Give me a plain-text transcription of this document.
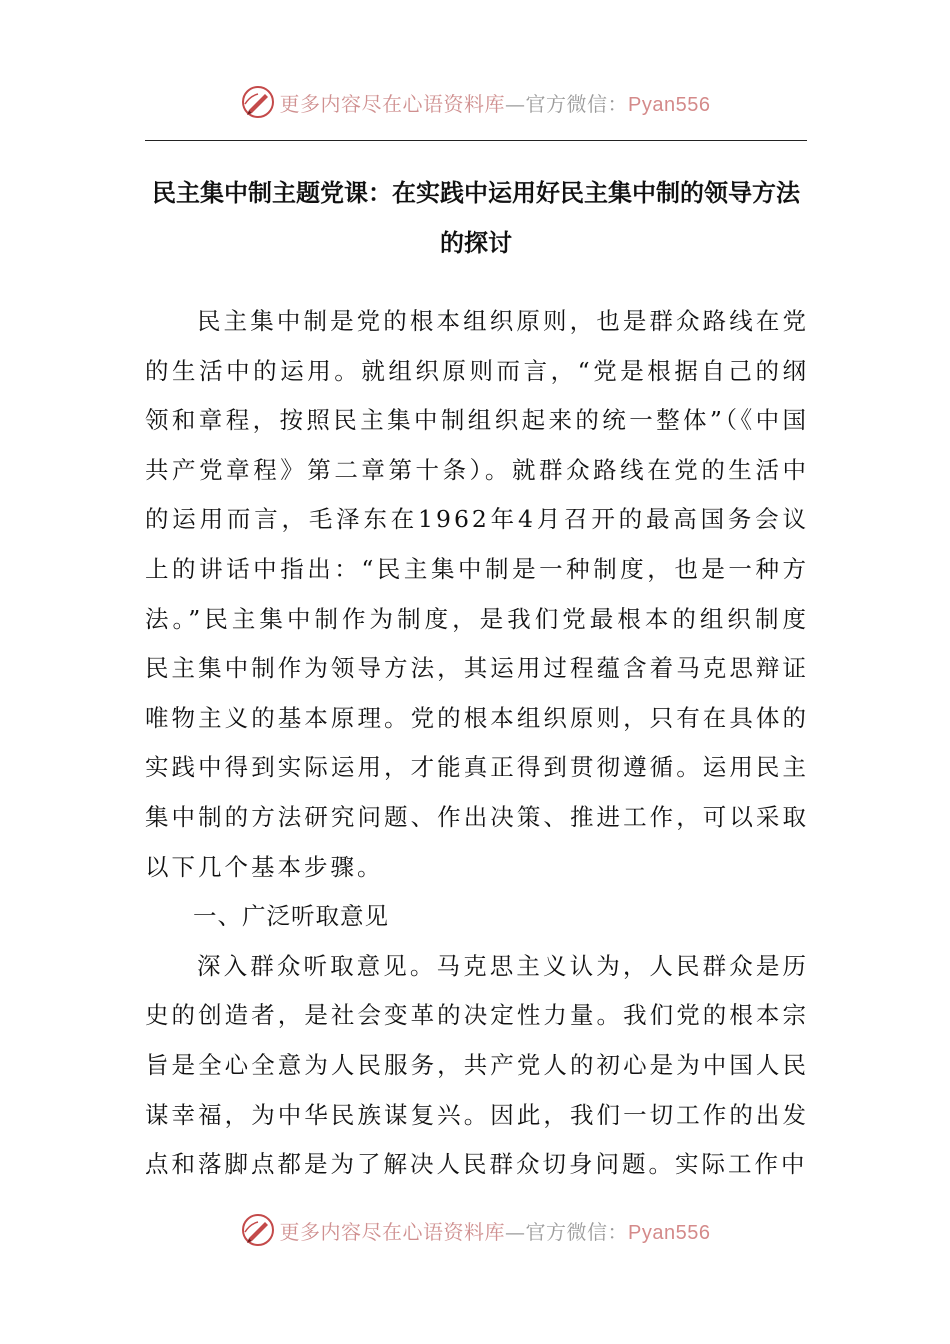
更多内容尽在心语资料库—官方微信：Pyan556
民主集中制主题党课：在实践中运用好民主集中制的领导方法的探讨

民主集中制是党的根本组织原则，也是群众路线在党的生活中的运用。就组织原则而言，“党是根据自己的纲领和章程，按照民主集中制组织起来的统一整体”（《中国共产党章程》第二章第十条）。就群众路线在党的生活中的运用而言，毛泽东在1962年4月召开的最高国务会议上的讲话中指出：“民主集中制是一种制度，也是一种方法。”民主集中制作为制度，是我们党最根本的组织制度民主集中制作为领导方法，其运用过程蕴含着马克思辩证唯物主义的基本原理。党的根本组织原则，只有在具体的实践中得到实际运用，才能真正得到贯彻遵循。运用民主集中制的方法研究问题、作出决策、推进工作，可以采取以下几个基本步骤。

一、广泛听取意见

深入群众听取意见。马克思主义认为，人民群众是历史的创造者，是社会变革的决定性力量。我们党的根本宗旨是全心全意为人民服务，共产党人的初心是为中国人民谋幸福，为中华民族谋复兴。因此，我们一切工作的出发点和落脚点都是为了解决人民群众切身问题。实际工作中

更多内容尽在心语资料库—官方微信：Pyan556
